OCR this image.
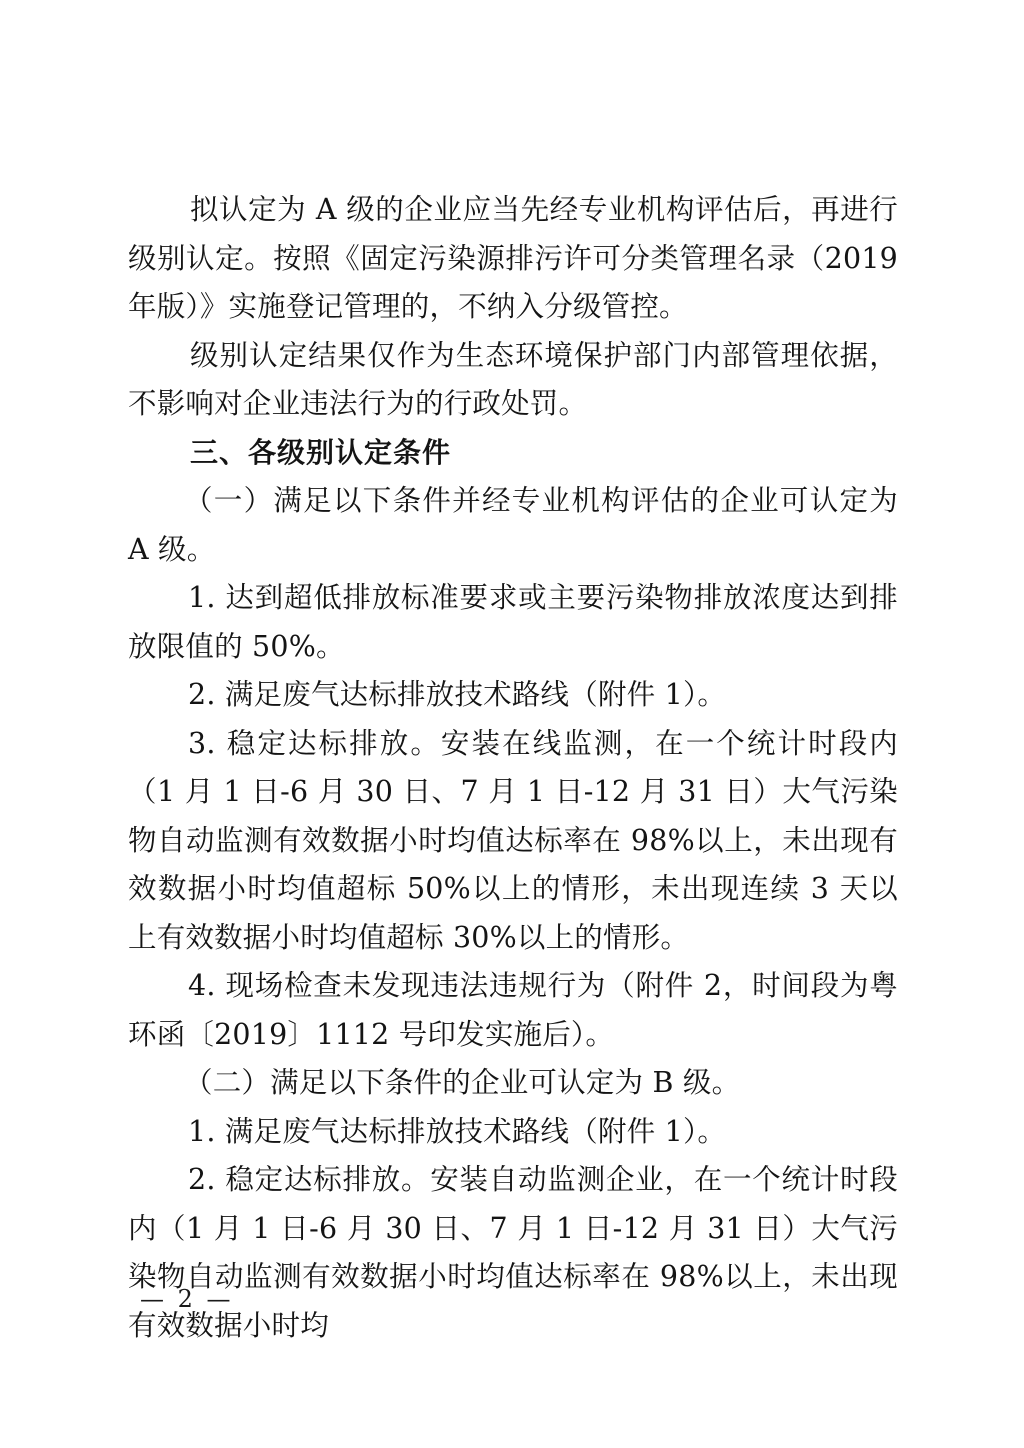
拟认定为 A 级的企业应当先经专业机构评估后，再进行级别认定。按照《固定污染源排污许可分类管理名录（2019 年版）》实施登记管理的，不纳入分级管控。

级别认定结果仅作为生态环境保护部门内部管理依据，不影响对企业违法行为的行政处罚。

三、各级别认定条件

（一）满足以下条件并经专业机构评估的企业可认定为 A 级。

1. 达到超低排放标准要求或主要污染物排放浓度达到排放限值的 50%。

2. 满足废气达标排放技术路线（附件 1）。

3. 稳定达标排放。安装在线监测，在一个统计时段内（1 月 1 日-6 月 30 日、7 月 1 日-12 月 31 日）大气污染物自动监测有效数据小时均值达标率在 98%以上，未出现有效数据小时均值超标 50%以上的情形，未出现连续 3 天以上有效数据小时均值超标 30%以上的情形。

4. 现场检查未发现违法违规行为（附件 2，时间段为粤环函〔2019〕1112 号印发实施后）。

（二）满足以下条件的企业可认定为 B 级。

1. 满足废气达标排放技术路线（附件 1）。

2. 稳定达标排放。安装自动监测企业，在一个统计时段内（1 月 1 日-6 月 30 日、7 月 1 日-12 月 31 日）大气污染物自动监测有效数据小时均值达标率在 98%以上，未出现有效数据小时均

— 2 —
